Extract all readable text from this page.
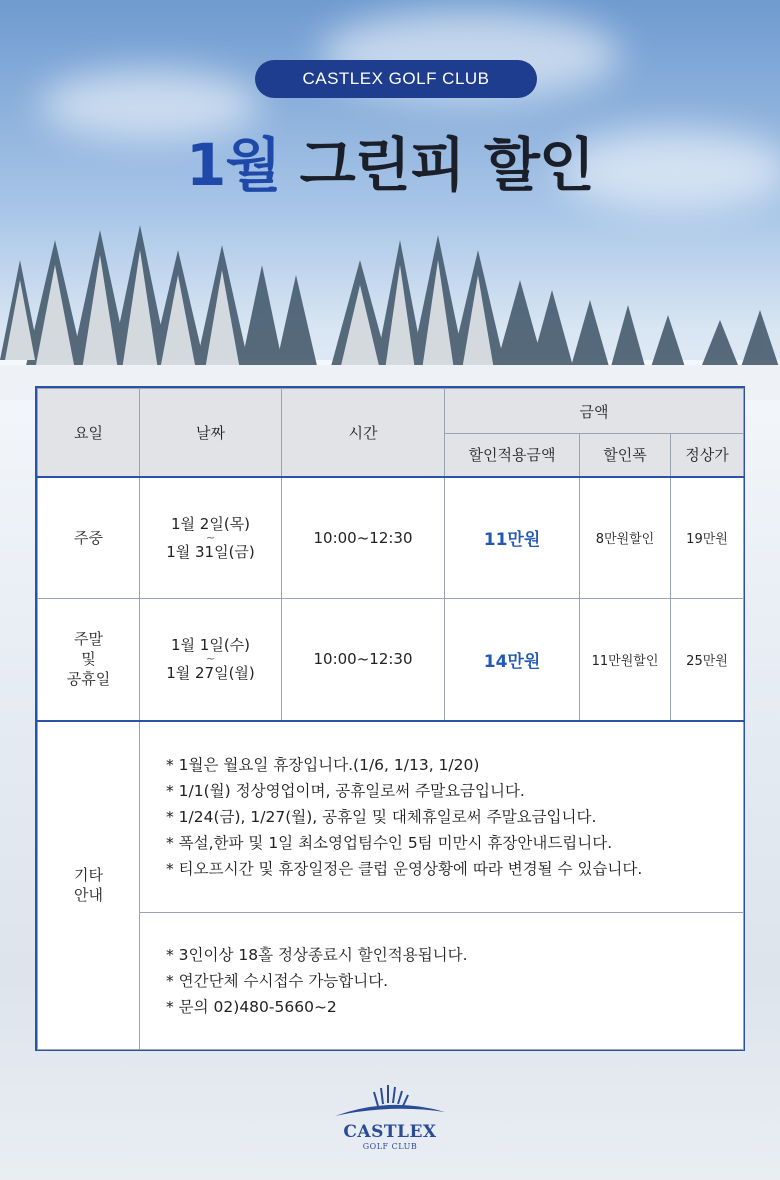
CASTLEX GOLF CLUB
1월 그린피 할인
요일	날짜	시간	금액		
			할인적용금액	할인폭	정상가
주중	1월 2일(목)
~
1월 31일(금)	10:00~12:30	11만원	8만원할인	19만원

주말
및
공휴일	1월 1일(수)
~
1월 27일(월)	10:00~12:30	14만원	11만원할인	25만원

기타
안내	* 1월은 월요일 휴장입니다.(1/6, 1/13, 1/20)
* 1/1(월) 정상영업이며, 공휴일로써 주말요금입니다.
* 1/24(금), 1/27(월), 공휴일 및 대체휴일로써 주말요금입니다.
* 폭설,한파 및 1일 최소영업팀수인 5팀 미만시 휴장안내드립니다.
* 티오프시간 및 휴장일정은 클럽 운영상황에 따라 변경될 수 있습니다.				

	* 3인이상 18홀 정상종료시 할인적용됩니다.
* 연간단체 수시접수 가능합니다.
* 문의 02)480-5660~2				
CASTLEX
GOLF CLUB
